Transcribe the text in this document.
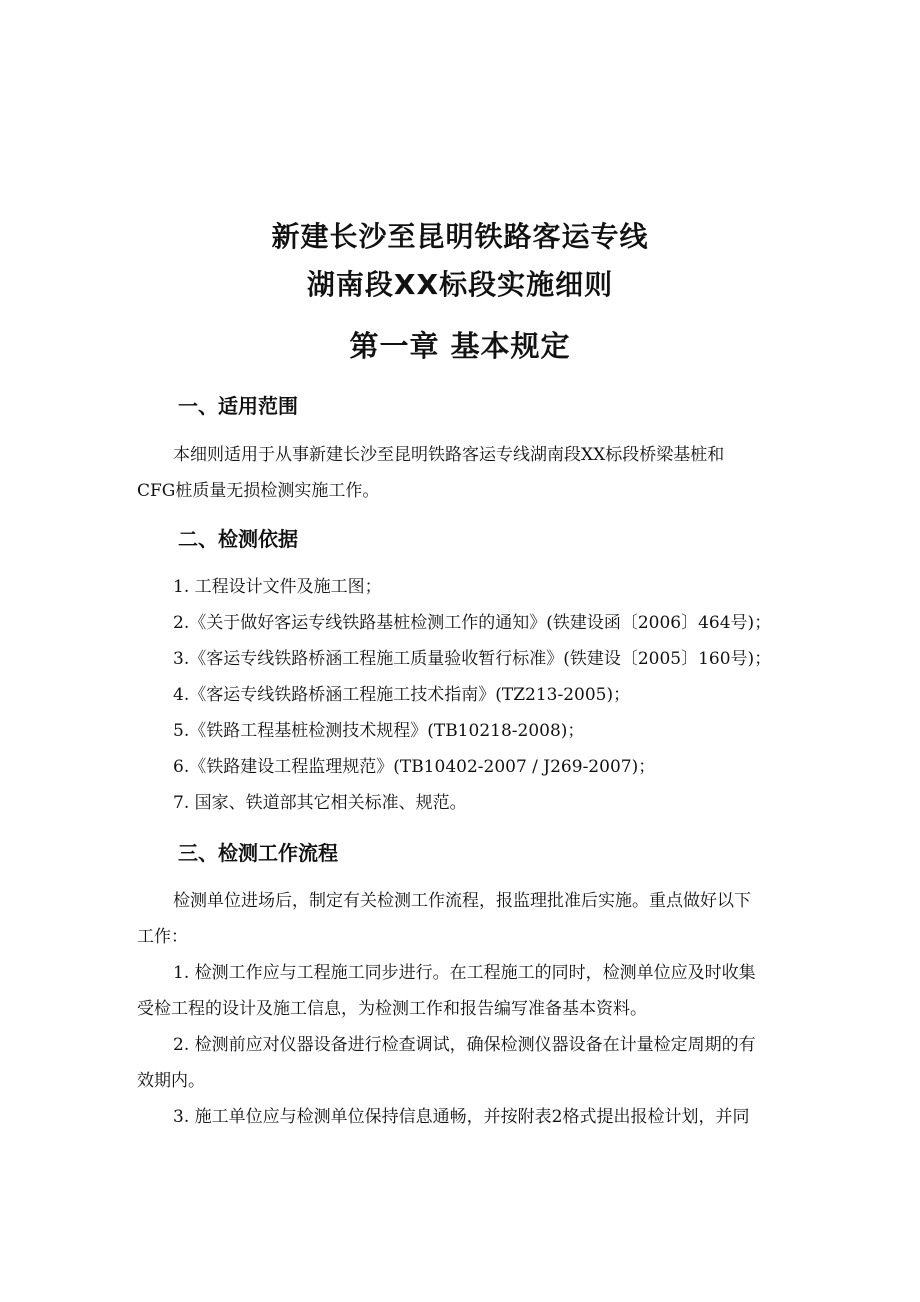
新建长沙至昆明铁路客运专线
湖南段XX标段实施细则
第一章 基本规定
一、适用范围
本细则适用于从事新建长沙至昆明铁路客运专线湖南段XX标段桥梁基桩和
CFG桩质量无损检测实施工作。
二、检测依据
1. 工程设计文件及施工图；
2.《关于做好客运专线铁路基桩检测工作的通知》(铁建设函〔2006〕464号)；
3.《客运专线铁路桥涵工程施工质量验收暂行标准》(铁建设〔2005〕160号)；
4.《客运专线铁路桥涵工程施工技术指南》(TZ213-2005)；
5.《铁路工程基桩检测技术规程》(TB10218-2008)；
6.《铁路建设工程监理规范》(TB10402-2007 / J269-2007)；
7. 国家、铁道部其它相关标准、规范。
三、检测工作流程
检测单位进场后，制定有关检测工作流程，报监理批准后实施。重点做好以下
工作：
1. 检测工作应与工程施工同步进行。在工程施工的同时，检测单位应及时收集
受检工程的设计及施工信息，为检测工作和报告编写准备基本资料。
2. 检测前应对仪器设备进行检查调试，确保检测仪器设备在计量检定周期的有
效期内。
3. 施工单位应与检测单位保持信息通畅，并按附表2格式提出报检计划，并同
